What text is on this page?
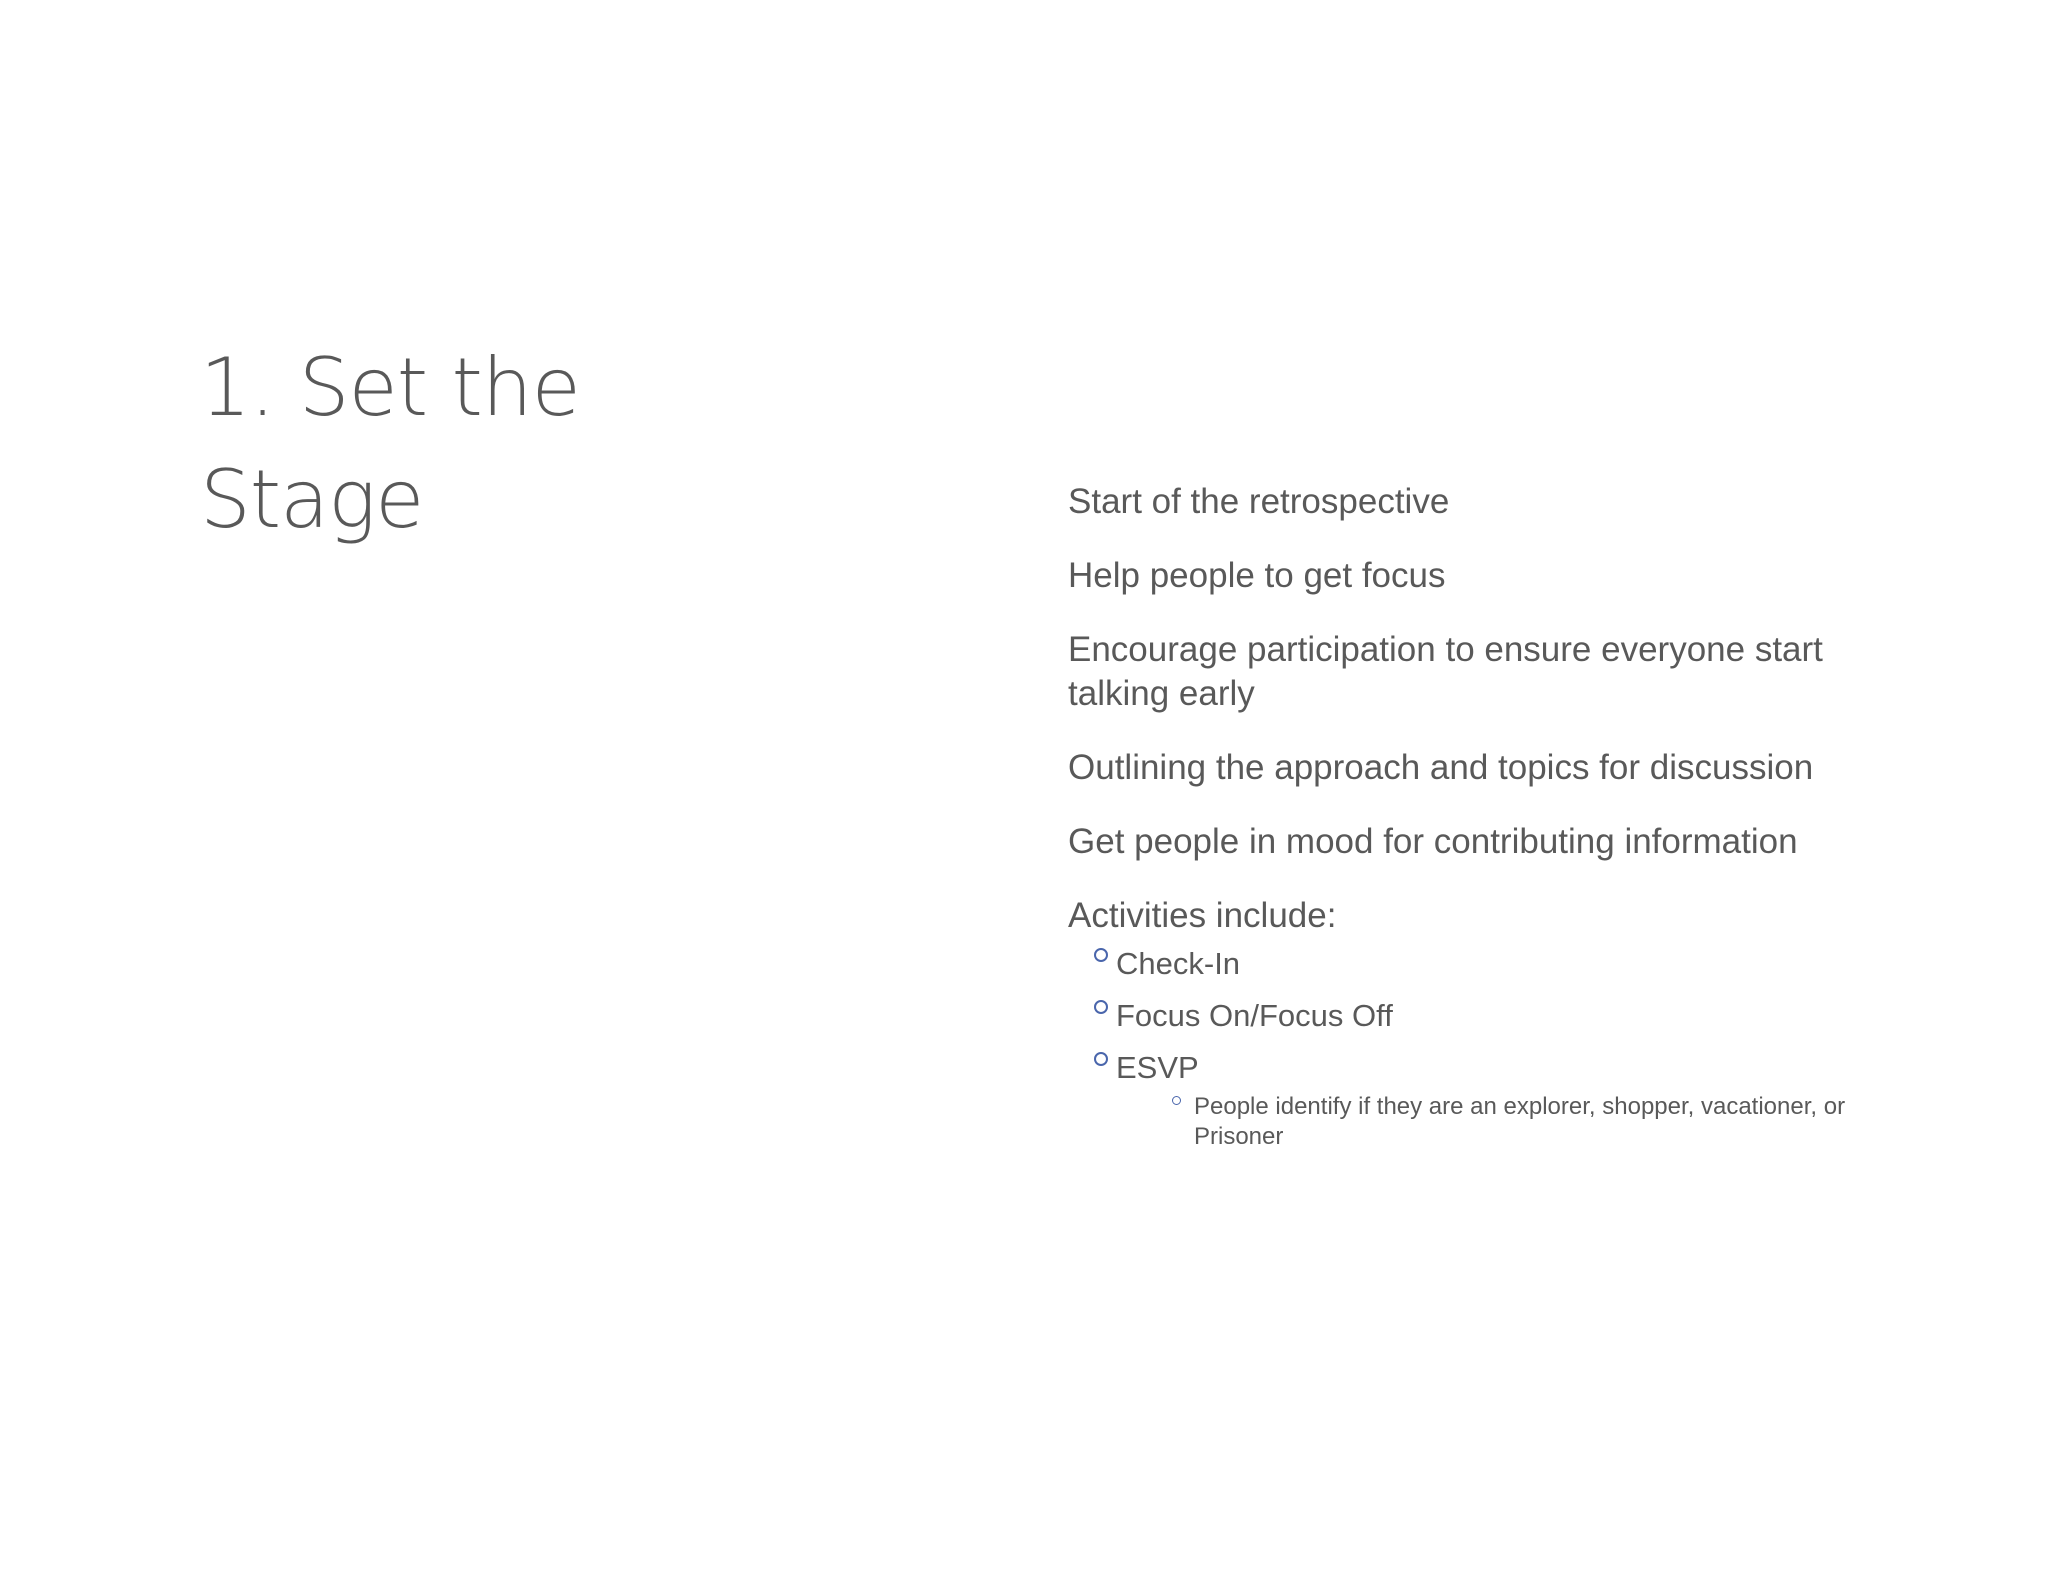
1. Set the Stage	Start of the retrospective
Help people to get focus
Encourage participation to ensure everyone start talking early
Outlining the approach and topics for discussion
Get people in mood for contributing information
Activities include:
Check-In
Focus On/Focus Off
ESVP
People identify if they are an explorer, shopper, vacationer, or Prisoner
